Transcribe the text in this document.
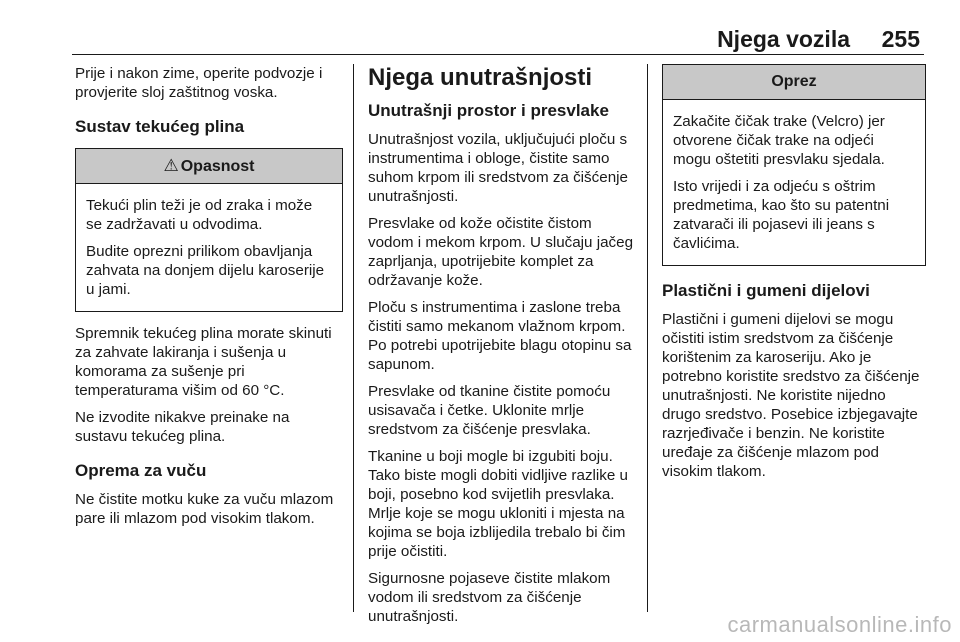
Njega vozila 255

Prije i nakon zime, operite podvozje i provjerite sloj zaštitnog voska.

Sustav tekućeg plina
⚠ Opasnost

Tekući plin teži je od zraka i može se zadržavati u odvodima.

Budite oprezni prilikom obavljanja zahvata na donjem dijelu karoserije u jami.

Spremnik tekućeg plina morate skinuti za zahvate lakiranja i sušenja u komorama za sušenje pri temperaturama višim od 60 °C.

Ne izvodite nikakve preinake na sustavu tekućeg plina.

Oprema za vuču

Ne čistite motku kuke za vuču mlazom pare ili mlazom pod visokim tlakom.

Njega unutrašnjosti
Unutrašnji prostor i presvlake

Unutrašnjost vozila, uključujući ploču s instrumentima i obloge, čistite samo suhom krpom ili sredstvom za čišćenje unutrašnjosti.

Presvlake od kože očistite čistom vodom i mekom krpom. U slučaju jačeg zaprljanja, upotrijebite komplet za održavanje kože.

Ploču s instrumentima i zaslone treba čistiti samo mekanom vlažnom krpom. Po potrebi upotrijebite blagu otopinu sa sapunom.

Presvlake od tkanine čistite pomoću usisavača i četke. Uklonite mrlje sredstvom za čišćenje presvlaka.

Tkanine u boji mogle bi izgubiti boju. Tako biste mogli dobiti vidljive razlike u boji, posebno kod svijetlih presvlaka. Mrlje koje se mogu ukloniti i mjesta na kojima se boja izblijedila trebalo bi čim prije očistiti.

Sigurnosne pojaseve čistite mlakom vodom ili sredstvom za čišćenje unutrašnjosti.

Oprez

Zakačite čičak trake (Velcro) jer otvorene čičak trake na odjeći mogu oštetiti presvlaku sjedala.

Isto vrijedi i za odjeću s oštrim predmetima, kao što su patentni zatvarači ili pojasevi ili jeans s čavlićima.

Plastični i gumeni dijelovi

Plastični i gumeni dijelovi se mogu očistiti istim sredstvom za čišćenje korištenim za karoseriju. Ako je potrebno koristite sredstvo za čišćenje unutrašnjosti. Ne koristite nijedno drugo sredstvo. Posebice izbjegavajte razrjeđivače i benzin. Ne koristite uređaje za čišćenje mlazom pod visokim tlakom.

carmanualsonline.info
